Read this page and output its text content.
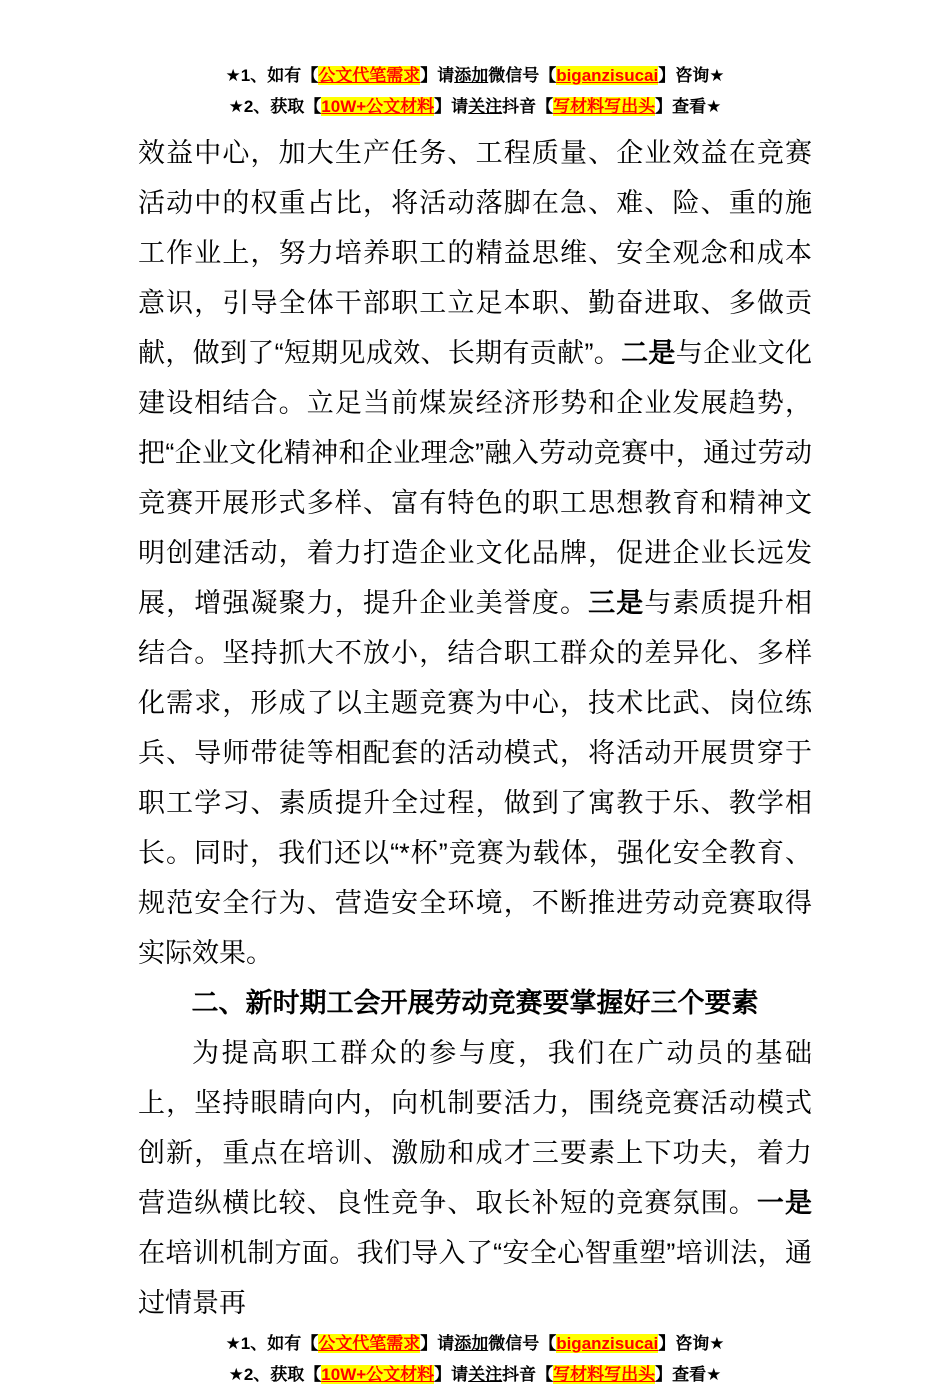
★1、如有【公文代笔需求】请添加微信号【biganzisucai】咨询★
★2、获取【10W+公文材料】请关注抖音【写材料写出头】查看★

效益中心，加大生产任务、工程质量、企业效益在竞赛活动中的权重占比，将活动落脚在急、难、险、重的施工作业上，努力培养职工的精益思维、安全观念和成本意识，引导全体干部职工立足本职、勤奋进取、多做贡献，做到了“短期见成效、长期有贡献”。二是与企业文化建设相结合。立足当前煤炭经济形势和企业发展趋势，把“企业文化精神和企业理念”融入劳动竞赛中，通过劳动竞赛开展形式多样、富有特色的职工思想教育和精神文明创建活动，着力打造企业文化品牌，促进企业长远发展，增强凝聚力，提升企业美誉度。三是与素质提升相结合。坚持抓大不放小，结合职工群众的差异化、多样化需求，形成了以主题竞赛为中心，技术比武、岗位练兵、导师带徒等相配套的活动模式，将活动开展贯穿于职工学习、素质提升全过程，做到了寓教于乐、教学相长。同时，我们还以“*杯”竞赛为载体，强化安全教育、规范安全行为、营造安全环境，不断推进劳动竞赛取得实际效果。

二、新时期工会开展劳动竞赛要掌握好三个要素

为提高职工群众的参与度，我们在广动员的基础上，坚持眼睛向内，向机制要活力，围绕竞赛活动模式创新，重点在培训、激励和成才三要素上下功夫，着力营造纵横比较、良性竞争、取长补短的竞赛氛围。一是在培训机制方面。我们导入了“安全心智重塑”培训法，通过情景再

★1、如有【公文代笔需求】请添加微信号【biganzisucai】咨询★
★2、获取【10W+公文材料】请关注抖音【写材料写出头】查看★
